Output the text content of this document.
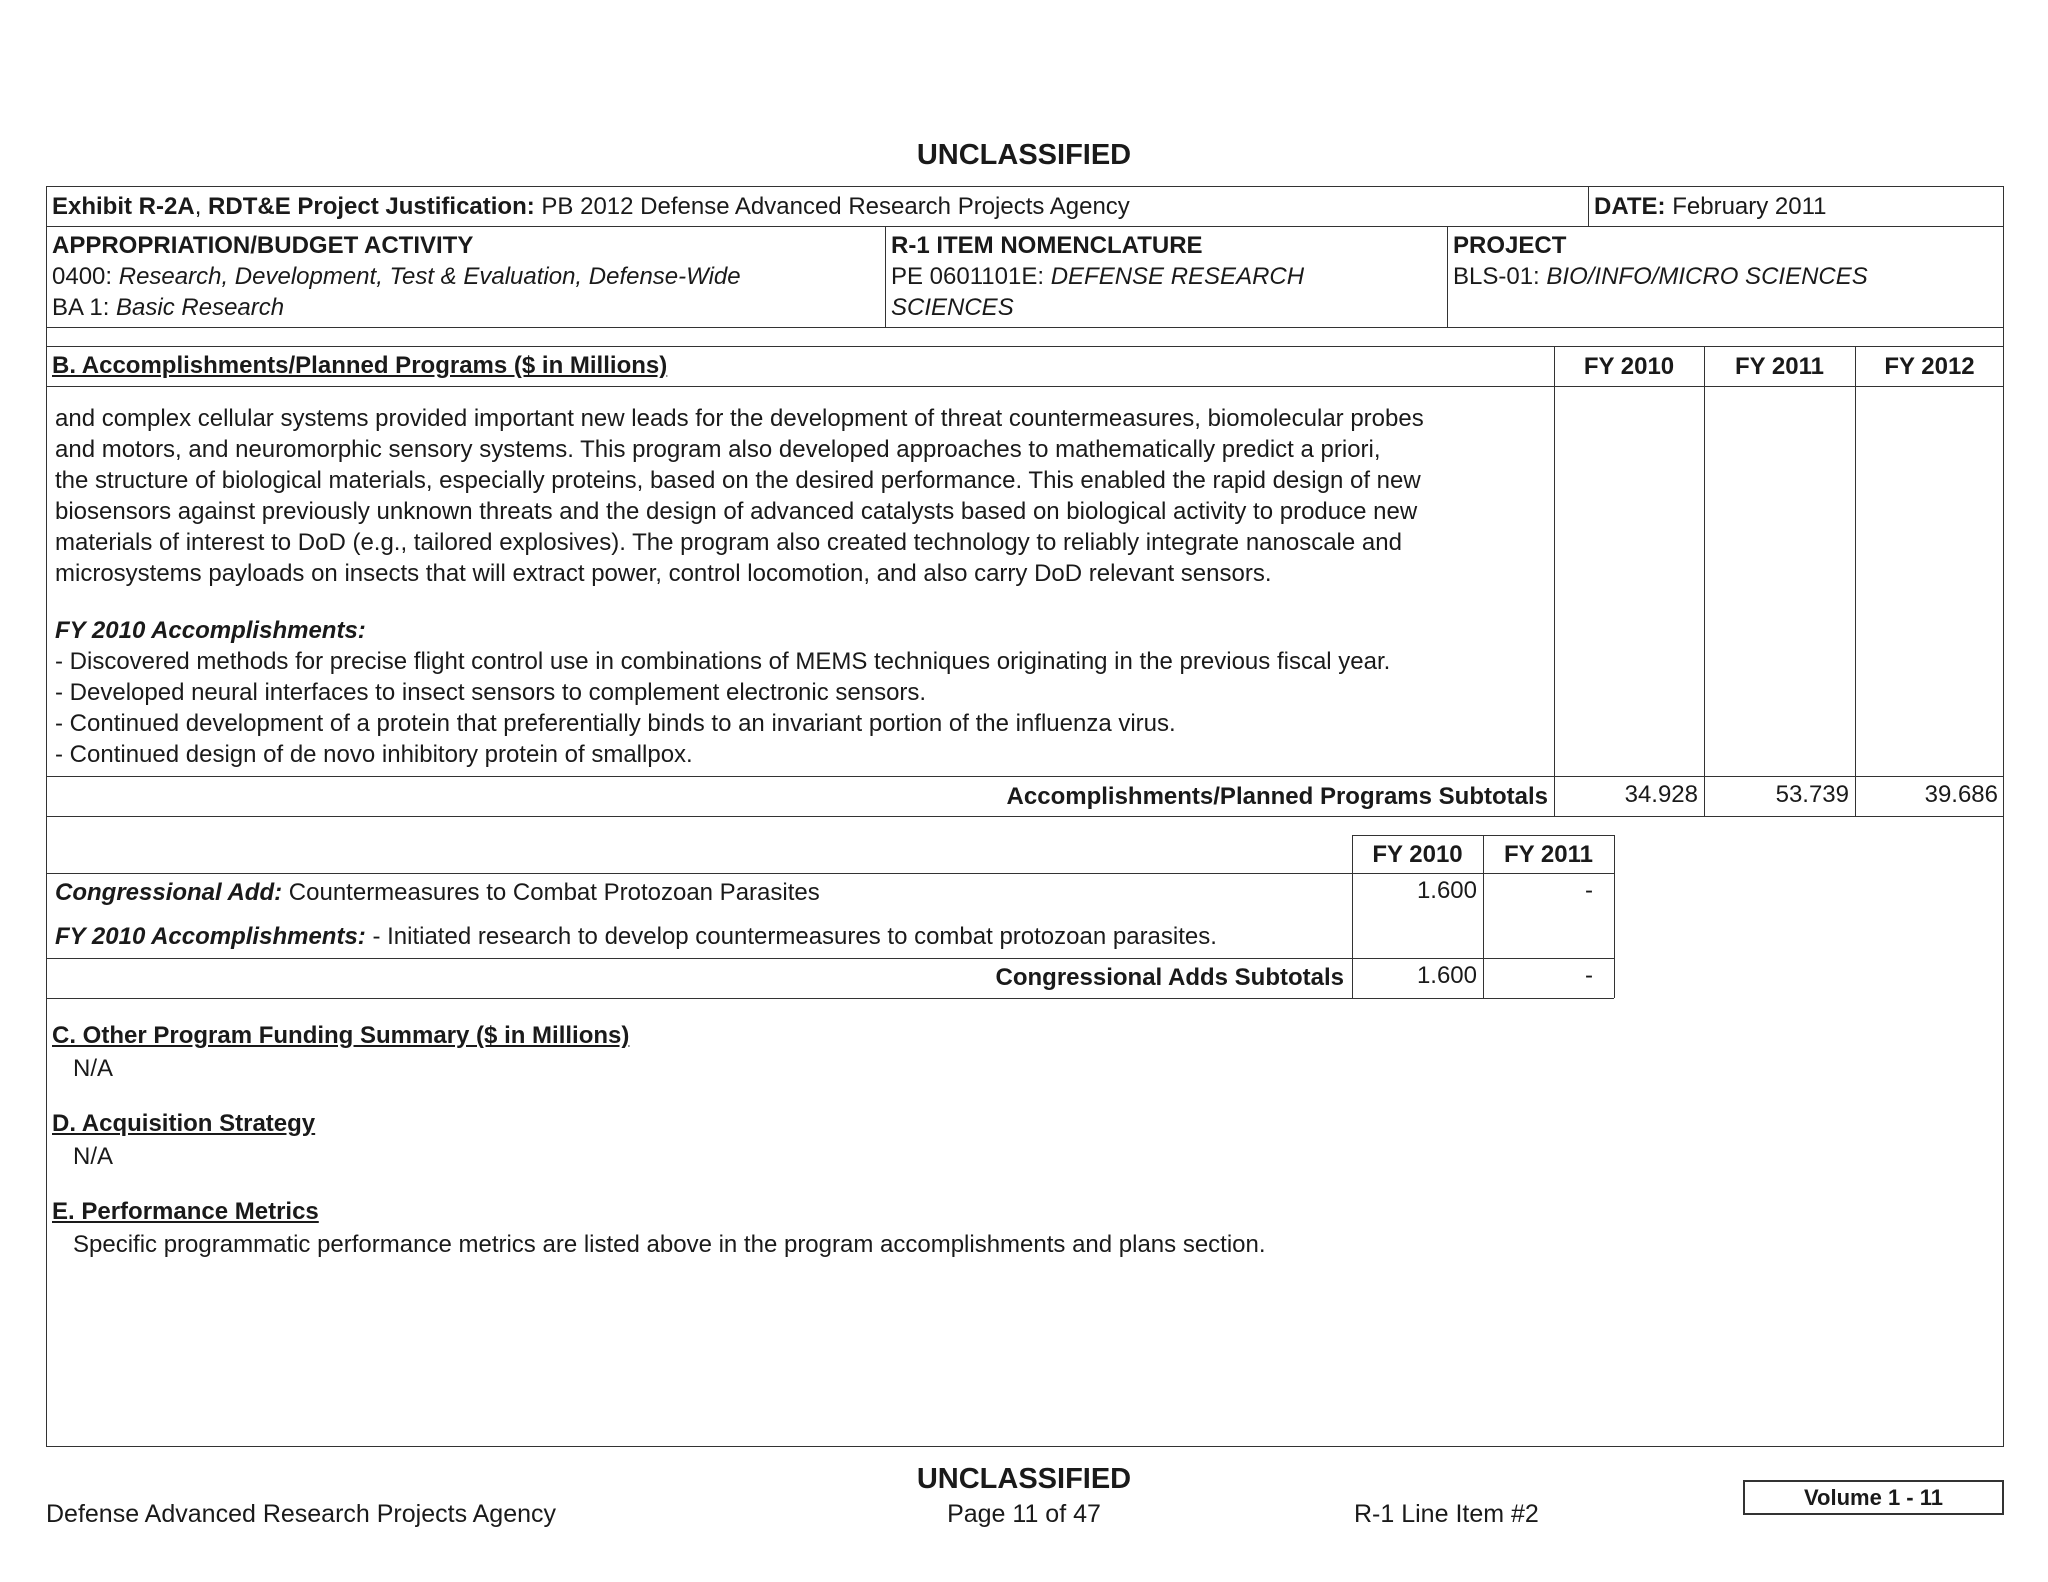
UNCLASSIFIED
Exhibit R-2A, RDT&E Project Justification: PB 2012 Defense Advanced Research Projects Agency	DATE: February 2011
APPROPRIATION/BUDGET ACTIVITY
0400: Research, Development, Test & Evaluation, Defense-Wide
BA 1: Basic Research
R-1 ITEM NOMENCLATURE
PE 0601101E: DEFENSE RESEARCH
SCIENCES
PROJECT
BLS-01: BIO/INFO/MICRO SCIENCES
B. Accomplishments/Planned Programs ($ in Millions)	FY 2010	FY 2011	FY 2012
and complex cellular systems provided important new leads for the development of threat countermeasures, biomolecular probes
and motors, and neuromorphic sensory systems. This program also developed approaches to mathematically predict a priori,
the structure of biological materials, especially proteins, based on the desired performance. This enabled the rapid design of new
biosensors against previously unknown threats and the design of advanced catalysts based on biological activity to produce new
materials of interest to DoD (e.g., tailored explosives). The program also created technology to reliably integrate nanoscale and
microsystems payloads on insects that will extract power, control locomotion, and also carry DoD relevant sensors.
FY 2010 Accomplishments:
- Discovered methods for precise flight control use in combinations of MEMS techniques originating in the previous fiscal year.
- Developed neural interfaces to insect sensors to complement electronic sensors.
- Continued development of a protein that preferentially binds to an invariant portion of the influenza virus.
- Continued design of de novo inhibitory protein of smallpox.
Accomplishments/Planned Programs Subtotals	34.928	53.739	39.686
FY 2010	FY 2011
Congressional Add: Countermeasures to Combat Protozoan Parasites	1.600	-
FY 2010 Accomplishments: - Initiated research to develop countermeasures to combat protozoan parasites.
Congressional Adds Subtotals	1.600	-
C. Other Program Funding Summary ($ in Millions)
N/A
D. Acquisition Strategy
N/A
E. Performance Metrics
Specific programmatic performance metrics are listed above in the program accomplishments and plans section.
UNCLASSIFIED
Defense Advanced Research Projects Agency	Page 11 of 47	R-1 Line Item #2
Volume 1 - 11
